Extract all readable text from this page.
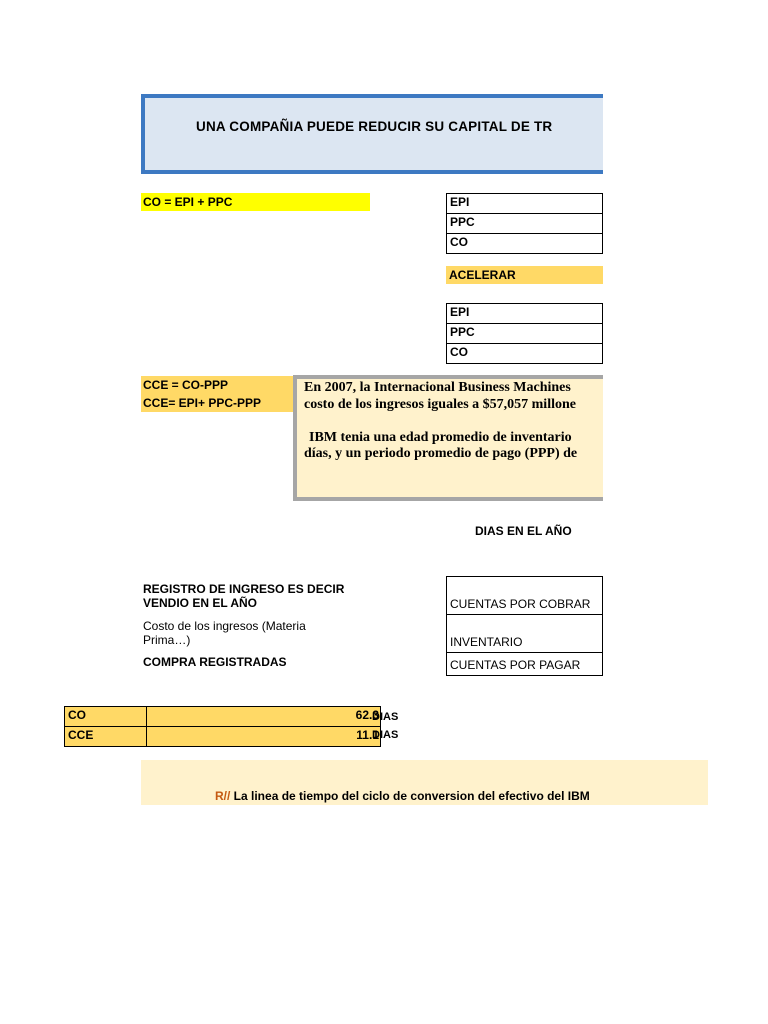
UNA COMPAÑIA PUEDE REDUCIR SU CAPITAL DE TR
CO = EPI + PPC	EPI
PPC
CO
ACELERAR
EPI
PPC
CO
CCE = CO-PPP
CCE= EPI+ PPC-PPP
En 2007, la Internacional Business Machines
costo de los ingresos iguales a $57,057 millone
IBM tenia una edad promedio de inventario
días, y un periodo promedio de pago (PPP) de
DIAS EN EL AÑO
REGISTRO DE INGRESO ES DECIR
VENDIO EN EL AÑO
Costo de los ingresos (Materia
Prima…)
COMPRA REGISTRADAS
CUENTAS POR COBRAR
INVENTARIO
CUENTAS POR PAGAR
CO	62.3
CCE	11.1
DIAS
DIAS
R// La linea de tiempo del ciclo de conversion del efectivo del IBM
